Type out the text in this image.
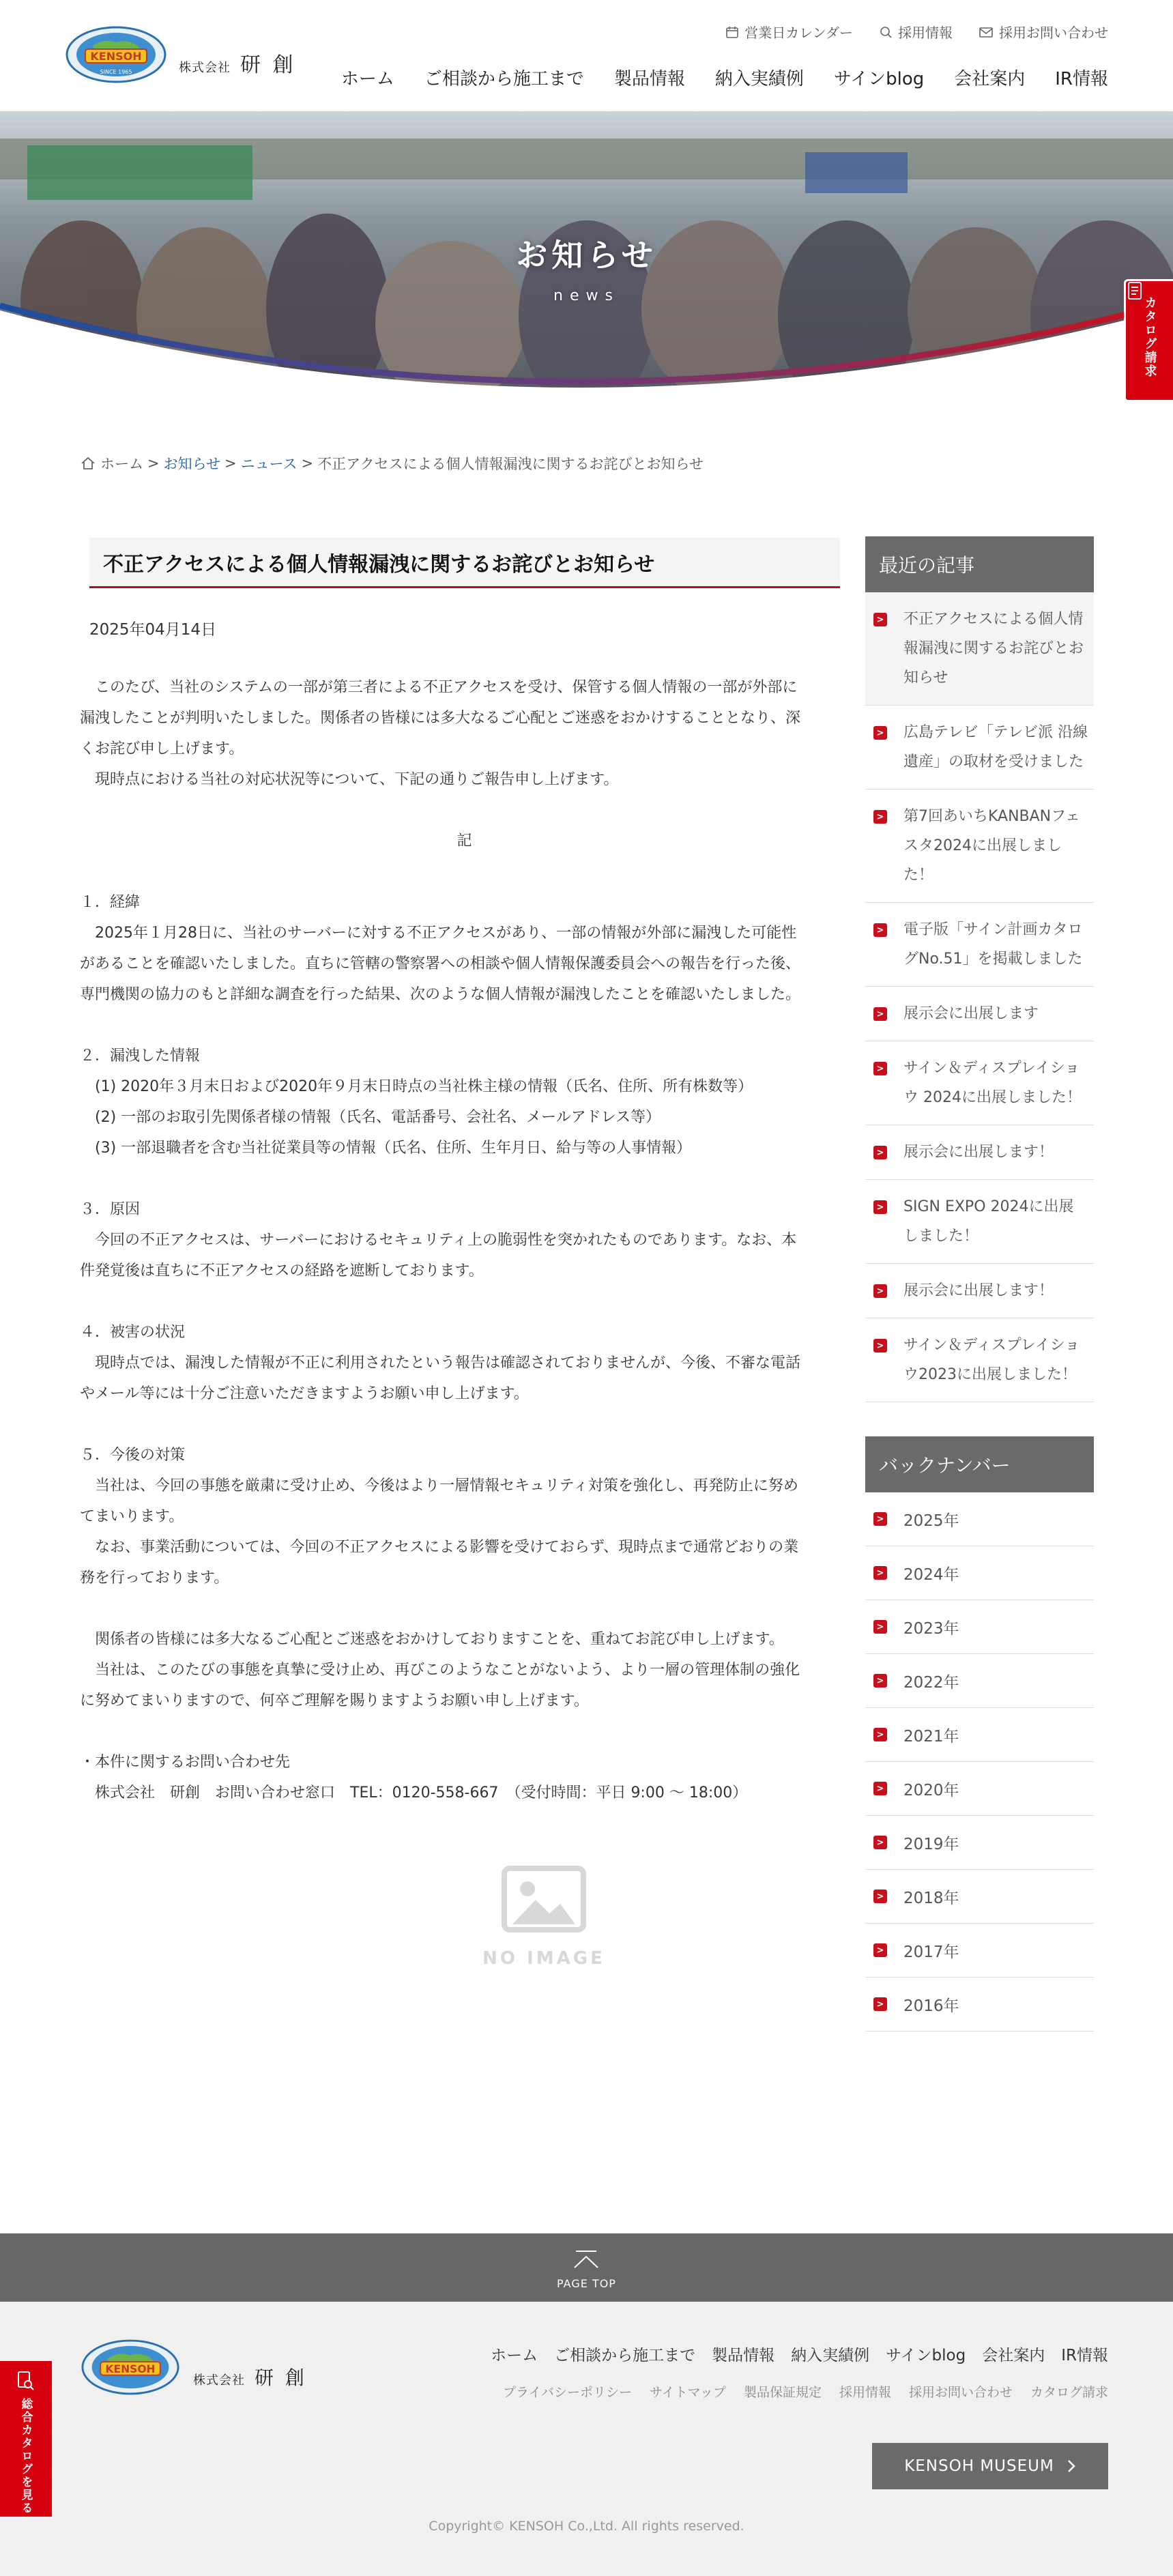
KENSOH
SINCE 1965	株式会社 研 創
営業日カレンダー	採用情報	採用お問い合わせ
ホーム ご相談から施工まで 製品情報 納入実績例 サインblog 会社案内 IR情報
お知らせ
news
カタログ請求
ホーム > お知らせ > ニュース > 不正アクセスによる個人情報漏洩に関するお詫びとお知らせ
不正アクセスによる個人情報漏洩に関するお詫びとお知らせ
2025年04月14日

　このたび、当社のシステムの一部が第三者による不正アクセスを受け、保管する個人情報の一部が外部に

漏洩したことが判明いたしました。関係者の皆様には多大なるご心配とご迷惑をおかけすることとなり、深

くお詫び申し上げます。

　現時点における当社の対応状況等について、下記の通りご報告申し上げます。

記

１．経緯

　2025年１月28日に、当社のサーバーに対する不正アクセスがあり、一部の情報が外部に漏洩した可能性

があることを確認いたしました。直ちに管轄の警察署への相談や個人情報保護委員会への報告を行った後、

専門機関の協力のもと詳細な調査を行った結果、次のような個人情報が漏洩したことを確認いたしました。

２．漏洩した情報

　(1) 2020年３月末日および2020年９月末日時点の当社株主様の情報（氏名、住所、所有株数等）

　(2) 一部のお取引先関係者様の情報（氏名、電話番号、会社名、メールアドレス等）

　(3) 一部退職者を含む当社従業員等の情報（氏名、住所、生年月日、給与等の人事情報）

３．原因

　今回の不正アクセスは、サーバーにおけるセキュリティ上の脆弱性を突かれたものであります。なお、本

件発覚後は直ちに不正アクセスの経路を遮断しております。

４．被害の状況

　現時点では、漏洩した情報が不正に利用されたという報告は確認されておりませんが、今後、不審な電話

やメール等には十分ご注意いただきますようお願い申し上げます。

５．今後の対策

　当社は、今回の事態を厳粛に受け止め、今後はより一層情報セキュリティ対策を強化し、再発防止に努め

てまいります。

　なお、事業活動については、今回の不正アクセスによる影響を受けておらず、現時点まで通常どおりの業

務を行っております。

　関係者の皆様には多大なるご心配とご迷惑をおかけしておりますことを、重ねてお詫び申し上げます。

　当社は、このたびの事態を真摯に受け止め、再びこのようなことがないよう、より一層の管理体制の強化

に努めてまいりますので、何卒ご理解を賜りますようお願い申し上げます。

・本件に関するお問い合わせ先

　株式会社　研創　お問い合わせ窓口　TEL：0120-558-667　（受付時間：平日 9:00 ～ 18:00）

NO IMAGE
最近の記事
> 不正アクセスによる個人情報漏洩に関するお詫びとお知らせ
> 広島テレビ「テレビ派 沿線遺産」の取材を受けました
> 第7回あいちKANBANフェスタ2024に出展しました！
> 電子版「サイン計画カタログNo.51」を掲載しました
> 展示会に出展します
> サイン＆ディスプレイショウ 2024に出展しました！
> 展示会に出展します！
> SIGN EXPO 2024に出展しました！
> 展示会に出展します！
> サイン＆ディスプレイショウ2023に出展しました！
バックナンバー
> 2025年
> 2024年
> 2023年
> 2022年
> 2021年
> 2020年
> 2019年
> 2018年
> 2017年
> 2016年
PAGE TOP
KENSOH
株式会社 研 創
ホーム ご相談から施工まで 製品情報 納入実績例 サインblog 会社案内 IR情報
プライバシーポリシー サイトマップ 製品保証規定 採用情報 採用お問い合わせ カタログ請求
KENSOH MUSEUM
Copyright© KENSOH Co.,Ltd. All rights reserved.
総合カタログを見る
